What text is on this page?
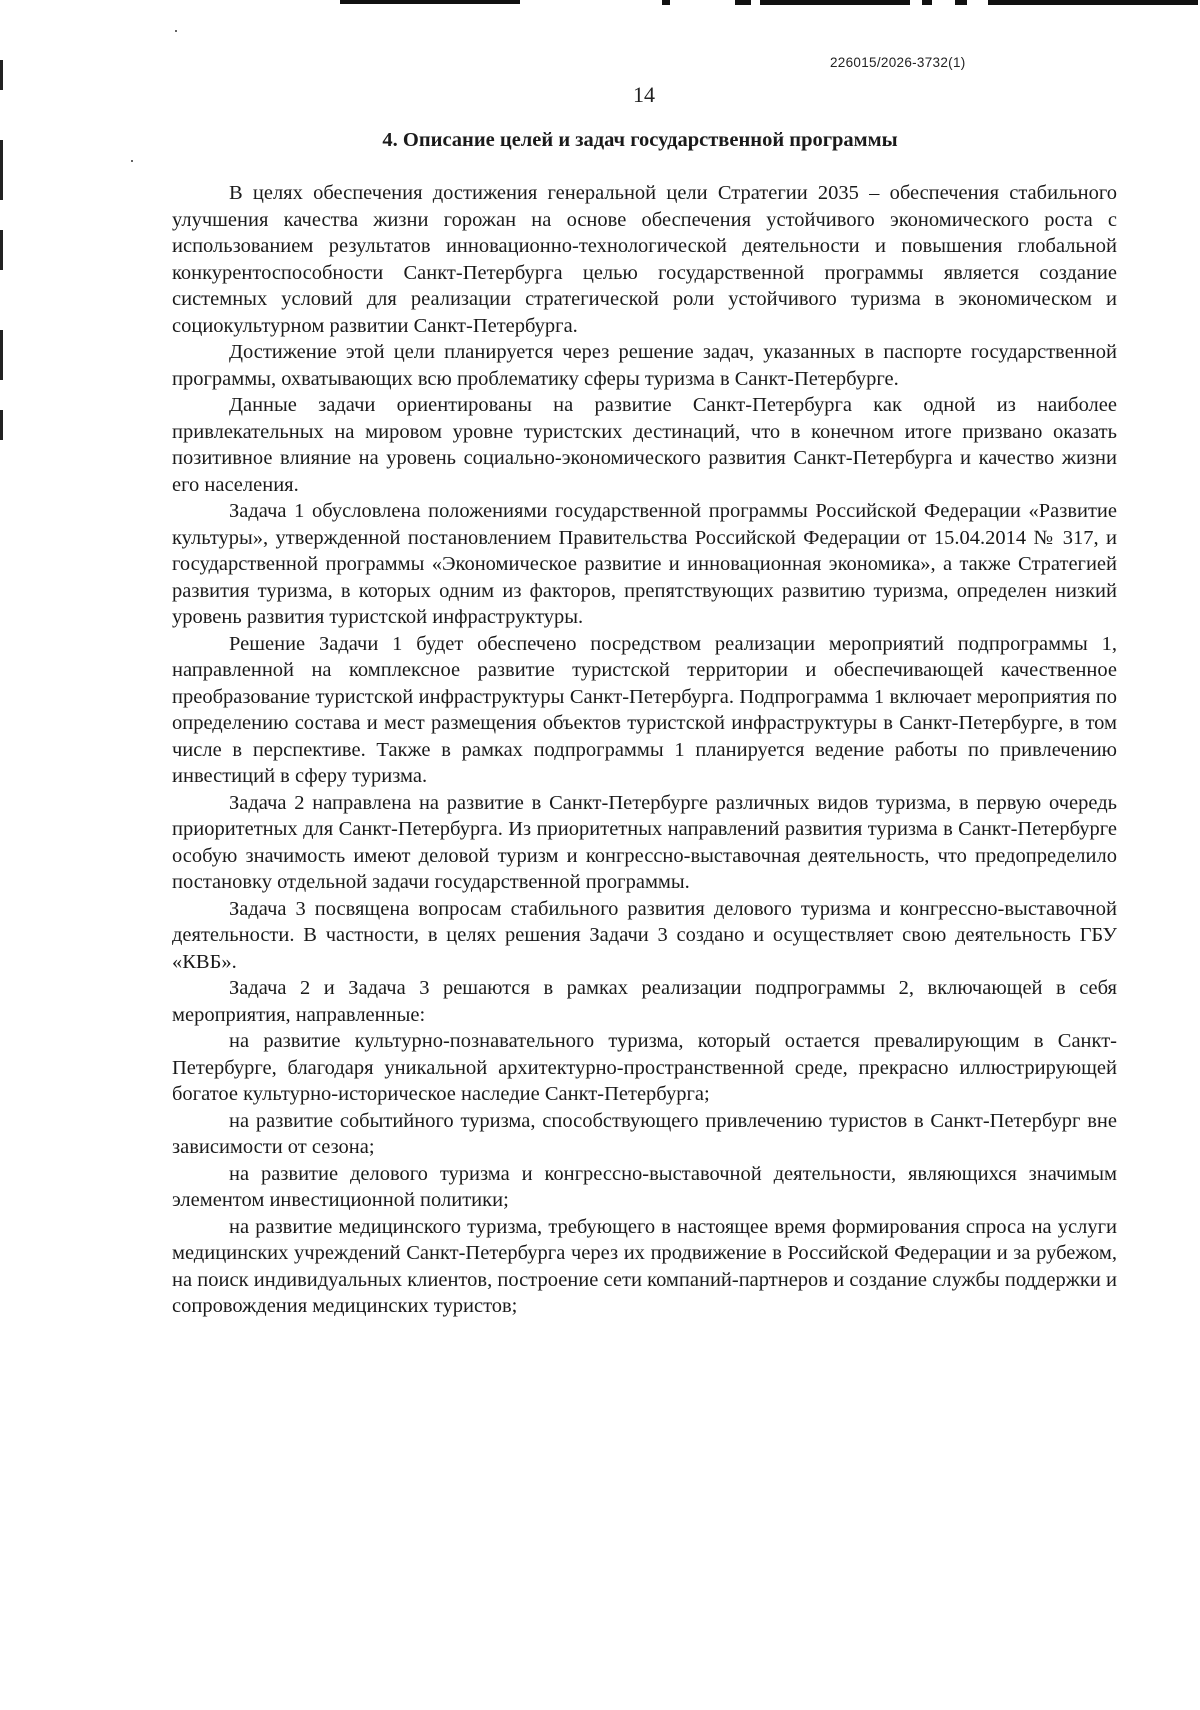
226015/2026-3732(1)
14
4. Описание целей и задач государственной программы

В целях обеспечения достижения генеральной цели Стратегии 2035 – обеспечения стабильного улучшения качества жизни горожан на основе обеспечения устойчивого экономического роста с использованием результатов инновационно-технологической деятельности и повышения глобальной конкурентоспособности Санкт-Петербурга целью государственной программы является создание системных условий для реализации стратегической роли устойчивого туризма в экономическом и социокультурном развитии Санкт-Петербурга.

Достижение этой цели планируется через решение задач, указанных в паспорте государственной программы, охватывающих всю проблематику сферы туризма в Санкт-Петербурге.

Данные задачи ориентированы на развитие Санкт-Петербурга как одной из наиболее привлекательных на мировом уровне туристских дестинаций, что в конечном итоге призвано оказать позитивное влияние на уровень социально-экономического развития Санкт-Петербурга и качество жизни его населения.

Задача 1 обусловлена положениями государственной программы Российской Федерации «Развитие культуры», утвержденной постановлением Правительства Российской Федерации от 15.04.2014 № 317, и государственной программы «Экономическое развитие и инновационная экономика», а также Стратегией развития туризма, в которых одним из факторов, препятствующих развитию туризма, определен низкий уровень развития туристской инфраструктуры.

Решение Задачи 1 будет обеспечено посредством реализации мероприятий подпрограммы 1, направленной на комплексное развитие туристской территории и обеспечивающей качественное преобразование туристской инфраструктуры Санкт-Петербурга. Подпрограмма 1 включает мероприятия по определению состава и мест размещения объектов туристской инфраструктуры в Санкт-Петербурге, в том числе в перспективе. Также в рамках подпрограммы 1 планируется ведение работы по привлечению инвестиций в сферу туризма.

Задача 2 направлена на развитие в Санкт-Петербурге различных видов туризма, в первую очередь приоритетных для Санкт-Петербурга. Из приоритетных направлений развития туризма в Санкт-Петербурге особую значимость имеют деловой туризм и конгрессно-выставочная деятельность, что предопределило постановку отдельной задачи государственной программы.

Задача 3 посвящена вопросам стабильного развития делового туризма и конгрессно-выставочной деятельности. В частности, в целях решения Задачи 3 создано и осуществляет свою деятельность ГБУ «КВБ».

Задача 2 и Задача 3 решаются в рамках реализации подпрограммы 2, включающей в себя мероприятия, направленные:

на развитие культурно-познавательного туризма, который остается превалирующим в Санкт-Петербурге, благодаря уникальной архитектурно-пространственной среде, прекрасно иллюстрирующей богатое культурно-историческое наследие Санкт-Петербурга;

на развитие событийного туризма, способствующего привлечению туристов в Санкт-Петербург вне зависимости от сезона;

на развитие делового туризма и конгрессно-выставочной деятельности, являющихся значимым элементом инвестиционной политики;

на развитие медицинского туризма, требующего в настоящее время формирования спроса на услуги медицинских учреждений Санкт-Петербурга через их продвижение в Российской Федерации и за рубежом, на поиск индивидуальных клиентов, построение сети компаний-партнеров и создание службы поддержки и сопровождения медицинских туристов;
